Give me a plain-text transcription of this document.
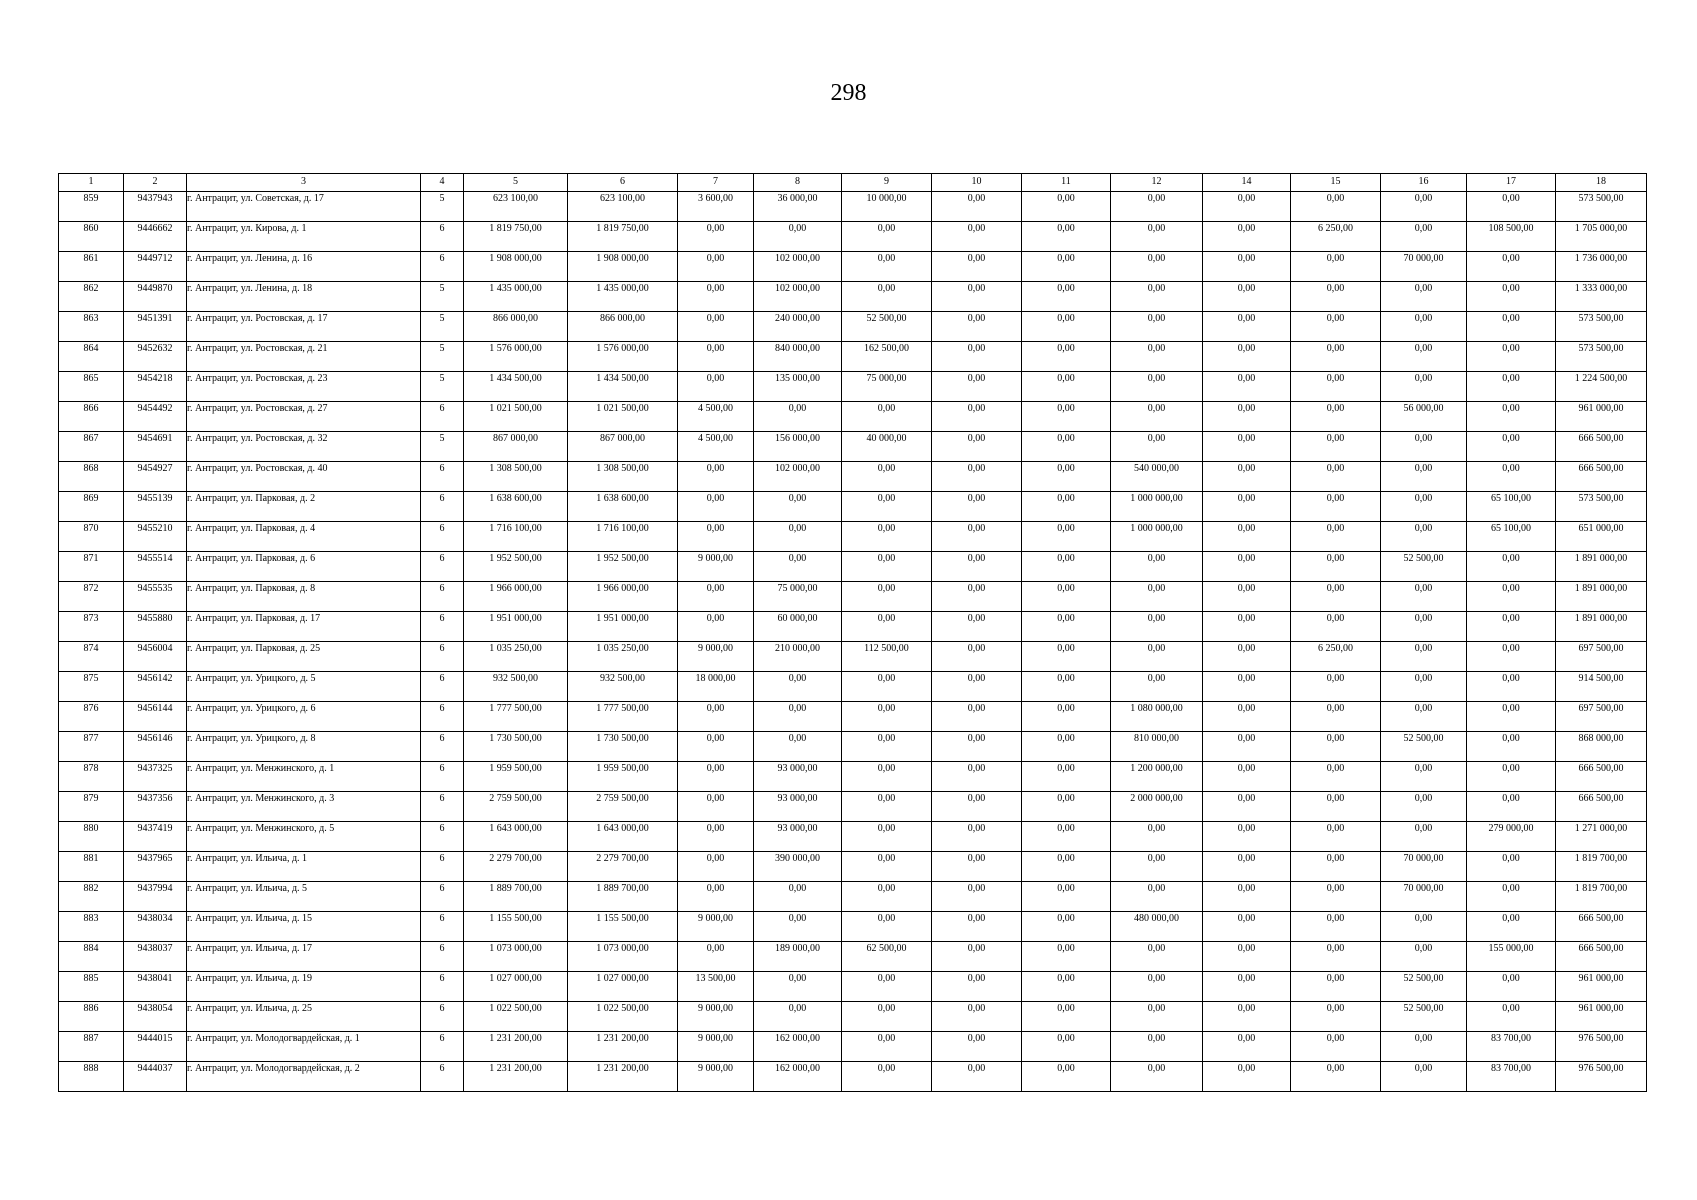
298
1	2	3	4	5	6	7	8	9	10	11	12	14	15	16	17	18
859	9437943	г. Антрацит, ул. Советская, д. 17	5	623 100,00	623 100,00	3 600,00	36 000,00	10 000,00	0,00	0,00	0,00	0,00	0,00	0,00	0,00	573 500,00
860	9446662	г. Антрацит, ул. Кирова, д. 1	6	1 819 750,00	1 819 750,00	0,00	0,00	0,00	0,00	0,00	0,00	0,00	6 250,00	0,00	108 500,00	1 705 000,00
861	9449712	г. Антрацит, ул. Ленина, д. 16	6	1 908 000,00	1 908 000,00	0,00	102 000,00	0,00	0,00	0,00	0,00	0,00	0,00	70 000,00	0,00	1 736 000,00
862	9449870	г. Антрацит, ул. Ленина, д. 18	5	1 435 000,00	1 435 000,00	0,00	102 000,00	0,00	0,00	0,00	0,00	0,00	0,00	0,00	0,00	1 333 000,00
863	9451391	г. Антрацит, ул. Ростовская, д. 17	5	866 000,00	866 000,00	0,00	240 000,00	52 500,00	0,00	0,00	0,00	0,00	0,00	0,00	0,00	573 500,00
864	9452632	г. Антрацит, ул. Ростовская, д. 21	5	1 576 000,00	1 576 000,00	0,00	840 000,00	162 500,00	0,00	0,00	0,00	0,00	0,00	0,00	0,00	573 500,00
865	9454218	г. Антрацит, ул. Ростовская, д. 23	5	1 434 500,00	1 434 500,00	0,00	135 000,00	75 000,00	0,00	0,00	0,00	0,00	0,00	0,00	0,00	1 224 500,00
866	9454492	г. Антрацит, ул. Ростовская, д. 27	6	1 021 500,00	1 021 500,00	4 500,00	0,00	0,00	0,00	0,00	0,00	0,00	0,00	56 000,00	0,00	961 000,00
867	9454691	г. Антрацит, ул. Ростовская, д. 32	5	867 000,00	867 000,00	4 500,00	156 000,00	40 000,00	0,00	0,00	0,00	0,00	0,00	0,00	0,00	666 500,00
868	9454927	г. Антрацит, ул. Ростовская, д. 40	6	1 308 500,00	1 308 500,00	0,00	102 000,00	0,00	0,00	0,00	540 000,00	0,00	0,00	0,00	0,00	666 500,00
869	9455139	г. Антрацит, ул. Парковая, д. 2	6	1 638 600,00	1 638 600,00	0,00	0,00	0,00	0,00	0,00	1 000 000,00	0,00	0,00	0,00	65 100,00	573 500,00
870	9455210	г. Антрацит, ул. Парковая, д. 4	6	1 716 100,00	1 716 100,00	0,00	0,00	0,00	0,00	0,00	1 000 000,00	0,00	0,00	0,00	65 100,00	651 000,00
871	9455514	г. Антрацит, ул. Парковая, д. 6	6	1 952 500,00	1 952 500,00	9 000,00	0,00	0,00	0,00	0,00	0,00	0,00	0,00	52 500,00	0,00	1 891 000,00
872	9455535	г. Антрацит, ул. Парковая, д. 8	6	1 966 000,00	1 966 000,00	0,00	75 000,00	0,00	0,00	0,00	0,00	0,00	0,00	0,00	0,00	1 891 000,00
873	9455880	г. Антрацит, ул. Парковая, д. 17	6	1 951 000,00	1 951 000,00	0,00	60 000,00	0,00	0,00	0,00	0,00	0,00	0,00	0,00	0,00	1 891 000,00
874	9456004	г. Антрацит, ул. Парковая, д. 25	6	1 035 250,00	1 035 250,00	9 000,00	210 000,00	112 500,00	0,00	0,00	0,00	0,00	6 250,00	0,00	0,00	697 500,00
875	9456142	г. Антрацит, ул. Урицкого, д. 5	6	932 500,00	932 500,00	18 000,00	0,00	0,00	0,00	0,00	0,00	0,00	0,00	0,00	0,00	914 500,00
876	9456144	г. Антрацит, ул. Урицкого, д. 6	6	1 777 500,00	1 777 500,00	0,00	0,00	0,00	0,00	0,00	1 080 000,00	0,00	0,00	0,00	0,00	697 500,00
877	9456146	г. Антрацит, ул. Урицкого, д. 8	6	1 730 500,00	1 730 500,00	0,00	0,00	0,00	0,00	0,00	810 000,00	0,00	0,00	52 500,00	0,00	868 000,00
878	9437325	г. Антрацит, ул. Менжинского, д. 1	6	1 959 500,00	1 959 500,00	0,00	93 000,00	0,00	0,00	0,00	1 200 000,00	0,00	0,00	0,00	0,00	666 500,00
879	9437356	г. Антрацит, ул. Менжинского, д. 3	6	2 759 500,00	2 759 500,00	0,00	93 000,00	0,00	0,00	0,00	2 000 000,00	0,00	0,00	0,00	0,00	666 500,00
880	9437419	г. Антрацит, ул. Менжинского, д. 5	6	1 643 000,00	1 643 000,00	0,00	93 000,00	0,00	0,00	0,00	0,00	0,00	0,00	0,00	279 000,00	1 271 000,00
881	9437965	г. Антрацит, ул. Ильича, д. 1	6	2 279 700,00	2 279 700,00	0,00	390 000,00	0,00	0,00	0,00	0,00	0,00	0,00	70 000,00	0,00	1 819 700,00
882	9437994	г. Антрацит, ул. Ильича, д. 5	6	1 889 700,00	1 889 700,00	0,00	0,00	0,00	0,00	0,00	0,00	0,00	0,00	70 000,00	0,00	1 819 700,00
883	9438034	г. Антрацит, ул. Ильича, д. 15	6	1 155 500,00	1 155 500,00	9 000,00	0,00	0,00	0,00	0,00	480 000,00	0,00	0,00	0,00	0,00	666 500,00
884	9438037	г. Антрацит, ул. Ильича, д. 17	6	1 073 000,00	1 073 000,00	0,00	189 000,00	62 500,00	0,00	0,00	0,00	0,00	0,00	0,00	155 000,00	666 500,00
885	9438041	г. Антрацит, ул. Ильича, д. 19	6	1 027 000,00	1 027 000,00	13 500,00	0,00	0,00	0,00	0,00	0,00	0,00	0,00	52 500,00	0,00	961 000,00
886	9438054	г. Антрацит, ул. Ильича, д. 25	6	1 022 500,00	1 022 500,00	9 000,00	0,00	0,00	0,00	0,00	0,00	0,00	0,00	52 500,00	0,00	961 000,00
887	9444015	г. Антрацит, ул. Молодогвардейская, д. 1	6	1 231 200,00	1 231 200,00	9 000,00	162 000,00	0,00	0,00	0,00	0,00	0,00	0,00	0,00	83 700,00	976 500,00
888	9444037	г. Антрацит, ул. Молодогвардейская, д. 2	6	1 231 200,00	1 231 200,00	9 000,00	162 000,00	0,00	0,00	0,00	0,00	0,00	0,00	0,00	83 700,00	976 500,00
